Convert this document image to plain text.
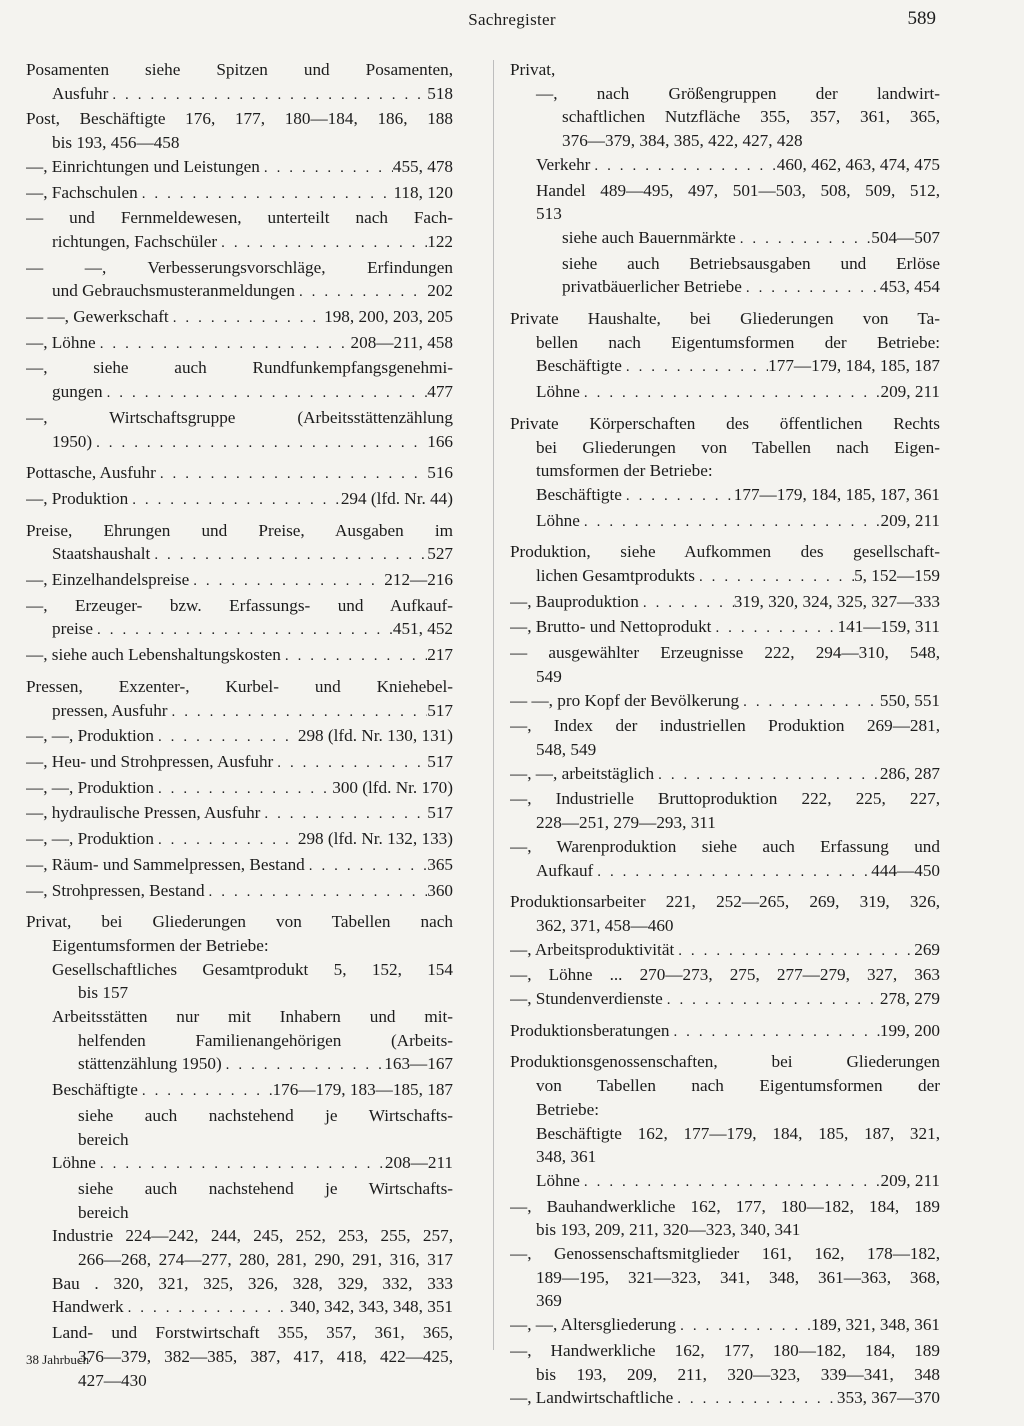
Sachregister	589
Posamenten siehe Spitzen und Posamenten,
Ausfuhr . . .	518
Post, Beschäftigte 176, 177, 180—184, 186, 188
bis 193, 456—458
—, Einrichtungen und Leistungen . . .	455, 478
—, Fachschulen . . .	118, 120
— und Fernmeldewesen, unterteilt nach Fach-
richtungen, Fachschüler . . .	122
— —, Verbesserungsvorschläge, Erfindungen
und Gebrauchsmusteranmeldungen . . .	202
— —, Gewerkschaft . . .	198, 200, 203, 205
—, Löhne . . .	208—211, 458
—, siehe auch Rundfunkempfangsgenehmi-
gungen . . .	477
—, Wirtschaftsgruppe (Arbeitsstättenzählung
1950) . . .	166
Pottasche, Ausfuhr . . .	516
—, Produktion . . .	294 (lfd. Nr. 44)
Preise, Ehrungen und Preise, Ausgaben im
Staatshaushalt . . .	527
—, Einzelhandelspreise . . .	212—216
—, Erzeuger- bzw. Erfassungs- und Aufkauf-
preise . . .	451, 452
—, siehe auch Lebenshaltungskosten . . .	217
Pressen, Exzenter-, Kurbel- und Kniehebel-
pressen, Ausfuhr . . .	517
—, —, Produktion . . .	298 (lfd. Nr. 130, 131)
—, Heu- und Strohpressen, Ausfuhr . . .	517
—, —, Produktion . . .	300 (lfd. Nr. 170)
—, hydraulische Pressen, Ausfuhr . . .	517
—, —, Produktion . . .	298 (lfd. Nr. 132, 133)
—, Räum- und Sammelpressen, Bestand . . .	365
—, Strohpressen, Bestand . . .	360
Privat, bei Gliederungen von Tabellen nach
Eigentumsformen der Betriebe:
Gesellschaftliches Gesamtprodukt 5, 152, 154
bis 157
Arbeitsstätten nur mit Inhabern und mit-
helfenden Familienangehörigen (Arbeits-
stättenzählung 1950) . . .	163—167
Beschäftigte . . .	176—179, 183—185, 187
siehe auch nachstehend je Wirtschafts-
bereich
Löhne . . .	208—211
siehe auch nachstehend je Wirtschafts-
bereich
Industrie 224—242, 244, 245, 252, 253, 255, 257,
266—268, 274—277, 280, 281, 290, 291, 316, 317
Bau . 320, 321, 325, 326, 328, 329, 332, 333
Handwerk . . .	340, 342, 343, 348, 351
Land- und Forstwirtschaft 355, 357, 361, 365,
376—379, 382—385, 387, 417, 418, 422—425,
427—430
Privat,
—, nach Größengruppen der landwirt-
schaftlichen Nutzfläche 355, 357, 361, 365,
376—379, 384, 385, 422, 427, 428
Verkehr . . .	460, 462, 463, 474, 475
Handel 489—495, 497, 501—503, 508, 509, 512,
513
siehe auch Bauernmärkte . . .	504—507
siehe auch Betriebsausgaben und Erlöse
privatbäuerlicher Betriebe . . .	453, 454
Private Haushalte, bei Gliederungen von Ta-
bellen nach Eigentumsformen der Betriebe:
Beschäftigte . . .	177—179, 184, 185, 187
Löhne . . .	209, 211
Private Körperschaften des öffentlichen Rechts
bei Gliederungen von Tabellen nach Eigen-
tumsformen der Betriebe:
Beschäftigte . . .	177—179, 184, 185, 187, 361
Löhne . . .	209, 211
Produktion, siehe Aufkommen des gesellschaft-
lichen Gesamtprodukts . . .	5, 152—159
—, Bauproduktion . . .	319, 320, 324, 325, 327—333
—, Brutto- und Nettoprodukt . . .	141—159, 311
— ausgewählter Erzeugnisse 222, 294—310, 548,
549
— —, pro Kopf der Bevölkerung . . .	550, 551
—, Index der industriellen Produktion 269—281,
548, 549
—, —, arbeitstäglich . . .	286, 287
—, Industrielle Bruttoproduktion 222, 225, 227,
228—251, 279—293, 311
—, Warenproduktion siehe auch Erfassung und
Aufkauf . . .	444—450
Produktionsarbeiter 221, 252—265, 269, 319, 326,
362, 371, 458—460
—, Arbeitsproduktivität . . .	269
—, Löhne ... 270—273, 275, 277—279, 327, 363
—, Stundenverdienste . . .	278, 279
Produktionsberatungen . . .	199, 200
Produktionsgenossenschaften, bei Gliederungen
von Tabellen nach Eigentumsformen der
Betriebe:
Beschäftigte 162, 177—179, 184, 185, 187, 321,
348, 361
Löhne . . .	209, 211
—, Bauhandwerkliche 162, 177, 180—182, 184, 189
bis 193, 209, 211, 320—323, 340, 341
—, Genossenschaftsmitglieder 161, 162, 178—182,
189—195, 321—323, 341, 348, 361—363, 368,
369
—, —, Altersgliederung . . .	189, 321, 348, 361
—, Handwerkliche 162, 177, 180—182, 184, 189
bis 193, 209, 211, 320—323, 339—341, 348
—, Landwirtschaftliche . . .	353, 367—370
38 Jahrbuch
